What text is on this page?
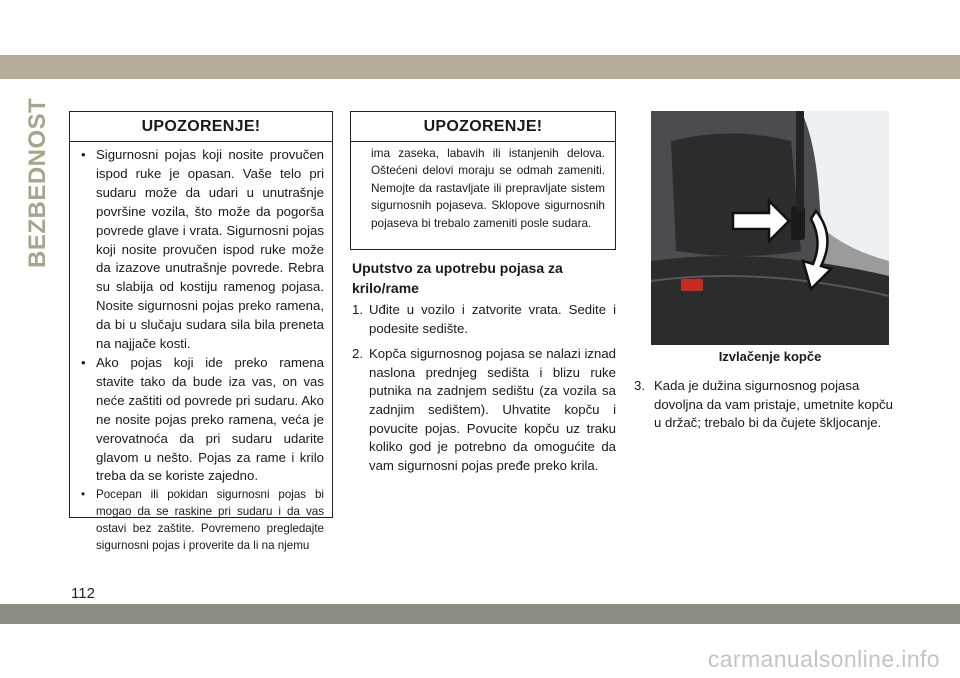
BEZBEDNOST	UPOZORENJE!
• Sigurnosni pojas koji nosite provučen ispod ruke je opasan. Vaše telo pri sudaru može da udari u unutrašnje površine vozila, što može da pogorša povrede glave i vrata. Sigurnosni pojas koji nosite provučen ispod ruke može da izazove unutrašnje povrede. Rebra su slabija od kostiju ramenog pojasa. Nosite sigurnosni pojas preko ramena, da bi u slučaju sudara sila bila preneta na najjače kosti.
• Ako pojas koji ide preko ramena stavite tako da bude iza vas, on vas neće zaštiti od povrede pri sudaru. Ako ne nosite pojas preko ramena, veća je verovatnoća da pri sudaru udarite glavom u nešto. Pojas za rame i krilo treba da se koriste zajedno.
• Pocepan ili pokidan sigurnosni pojas bi mogao da se raskine pri sudaru i da vas ostavi bez zaštite. Povremeno pregledajte sigurnosni pojas i proverite da li na njemu
UPOZORENJE!
ima zaseka, labavih ili istanjenih delova. Oštećeni delovi moraju se odmah zameniti. Nemojte da rastavljate ili prepravljate sistem sigurnosnih pojaseva. Sklopove sigurnosnih pojaseva bi trebalo zameniti posle sudara.
Uputstvo za upotrebu pojasa za krilo/rame
1. Uđite u vozilo i zatvorite vrata. Sedite i podesite sedište.
2. Kopča sigurnosnog pojasa se nalazi iznad naslona prednjeg sedišta i blizu ruke putnika na zadnjem sedištu (za vozila sa zadnjim sedištem). Uhvatite kopču i povucite pojas. Povucite kopču uz traku koliko god je potrebno da omogućite da vam sigurnosni pojas pređe preko krila.
Izvlačenje kopče
3. Kada je dužina sigurnosnog pojasa dovoljna da vam pristaje, umetnite kopču u držač; trebalo bi da čujete škljocanje.
112
carmanualsonline.info
